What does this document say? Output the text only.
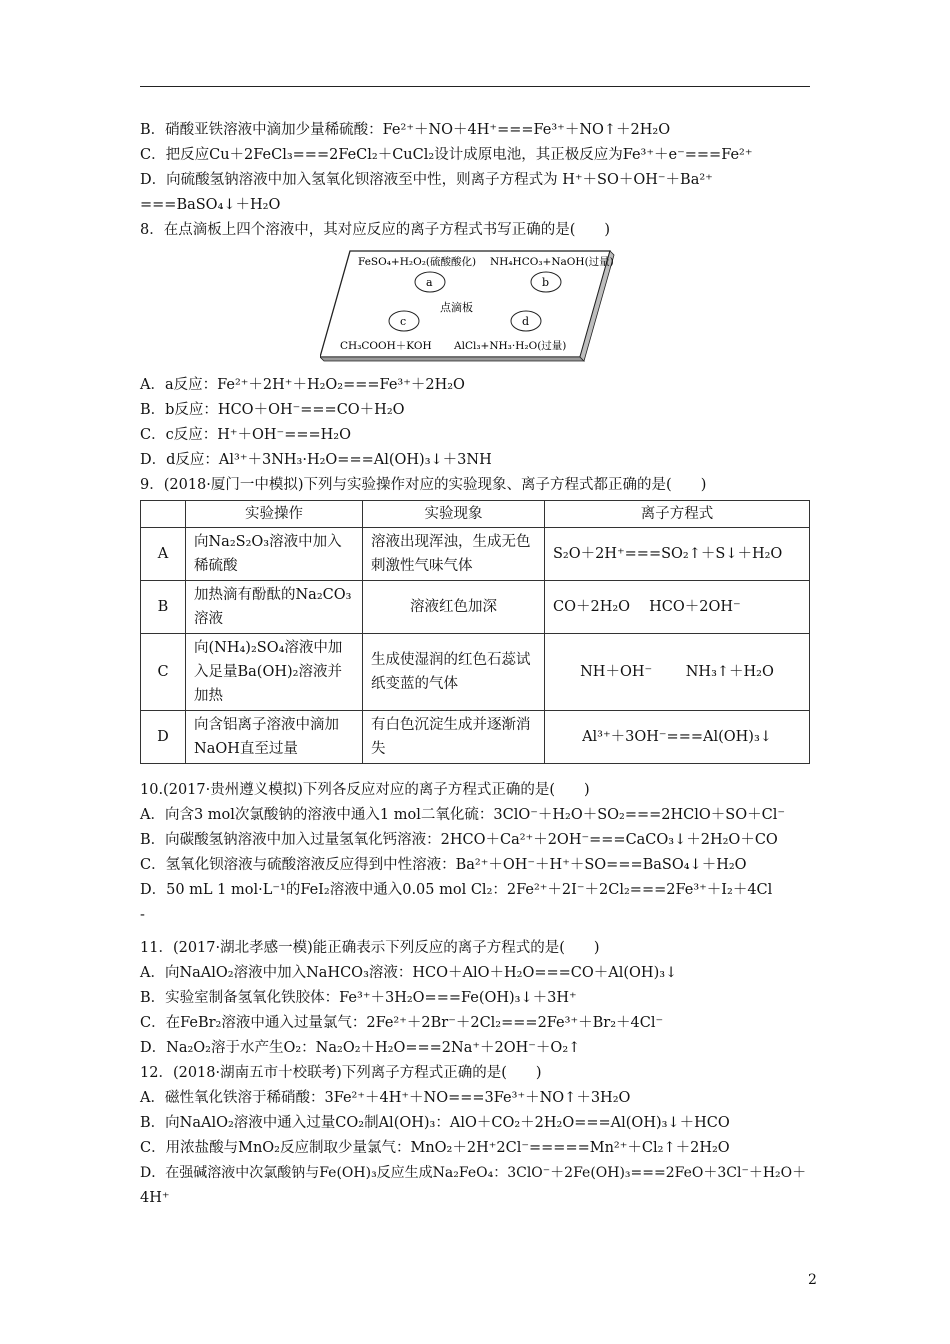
B．硝酸亚铁溶液中滴加少量稀硫酸：Fe²⁺＋NO＋4H⁺===Fe³⁺＋NO↑＋2H₂O
C．把反应Cu＋2FeCl₃===2FeCl₂＋CuCl₂设计成原电池，其正极反应为Fe³⁺＋e⁻===Fe²⁺
D．向硫酸氢钠溶液中加入氢氧化钡溶液至中性，则离子方程式为 H⁺＋SO＋OH⁻＋Ba²⁺
===BaSO₄↓＋H₂O
8．在点滴板上四个溶液中，其对应反应的离子方程式书写正确的是(　　)
FeSO₄+H₂O₂(硫酸酸化) NH₄HCO₃+NaOH(过量)
a	b
点滴板
c	d
CH₃COOH＋KOH AlCl₃+NH₃·H₂O(过量)
A．a反应：Fe²⁺＋2H⁺＋H₂O₂===Fe³⁺＋2H₂O
B．b反应：HCO＋OH⁻===CO＋H₂O
C．c反应：H⁺＋OH⁻===H₂O
D．d反应：Al³⁺＋3NH₃·H₂O===Al(OH)₃↓＋3NH
9．(2018·厦门一中模拟)下列与实验操作对应的实验现象、离子方程式都正确的是(　　)
	实验操作	实验现象	离子方程式
A	向Na₂S₂O₃溶液中加入稀硫酸	溶液出现浑浊，生成无色刺激性气味气体	S₂O＋2H⁺===SO₂↑＋S↓＋H₂O
B	加热滴有酚酞的Na₂CO₃溶液	溶液红色加深	CO＋2H₂O　 HCO＋2OH⁻
C	向(NH₄)₂SO₄溶液中加入足量Ba(OH)₂溶液并加热	生成使湿润的红色石蕊试纸变蓝的气体	NH＋OH⁻　 　NH₃↑＋H₂O
D	向含铝离子溶液中滴加NaOH直至过量	有白色沉淀生成并逐渐消失	Al³⁺＋3OH⁻===Al(OH)₃↓
10.(2017·贵州遵义模拟)下列各反应对应的离子方程式正确的是(　　)
A．向含3 mol次氯酸钠的溶液中通入1 mol二氧化硫：3ClO⁻＋H₂O＋SO₂===2HClO＋SO＋Cl⁻
B．向碳酸氢钠溶液中加入过量氢氧化钙溶液：2HCO＋Ca²⁺＋2OH⁻===CaCO₃↓＋2H₂O＋CO
C．氢氧化钡溶液与硫酸溶液反应得到中性溶液：Ba²⁺＋OH⁻＋H⁺＋SO===BaSO₄↓＋H₂O
D．50 mL 1 mol·L⁻¹的FeI₂溶液中通入0.05 mol Cl₂：2Fe²⁺＋2I⁻＋2Cl₂===2Fe³⁺＋I₂＋4Cl
-
11．(2017·湖北孝感一模)能正确表示下列反应的离子方程式的是(　　)
A．向NaAlO₂溶液中加入NaHCO₃溶液：HCO＋AlO＋H₂O===CO＋Al(OH)₃↓
B．实验室制备氢氧化铁胶体：Fe³⁺＋3H₂O===Fe(OH)₃↓＋3H⁺
C．在FeBr₂溶液中通入过量氯气：2Fe²⁺＋2Br⁻＋2Cl₂===2Fe³⁺＋Br₂＋4Cl⁻
D．Na₂O₂溶于水产生O₂：Na₂O₂＋H₂O===2Na⁺＋2OH⁻＋O₂↑
12．(2018·湖南五市十校联考)下列离子方程式正确的是(　　)
A．磁性氧化铁溶于稀硝酸：3Fe²⁺＋4H⁺＋NO===3Fe³⁺＋NO↑＋3H₂O
B．向NaAlO₂溶液中通入过量CO₂制Al(OH)₃：AlO＋CO₂＋2H₂O===Al(OH)₃↓＋HCO
C．用浓盐酸与MnO₂反应制取少量氯气：MnO₂＋2H⁺2Cl⁻=====Mn²⁺＋Cl₂↑＋2H₂O
D．在强碱溶液中次氯酸钠与Fe(OH)₃反应生成Na₂FeO₄：3ClO⁻＋2Fe(OH)₃===2FeO＋3Cl⁻＋H₂O＋
4H⁺
2
